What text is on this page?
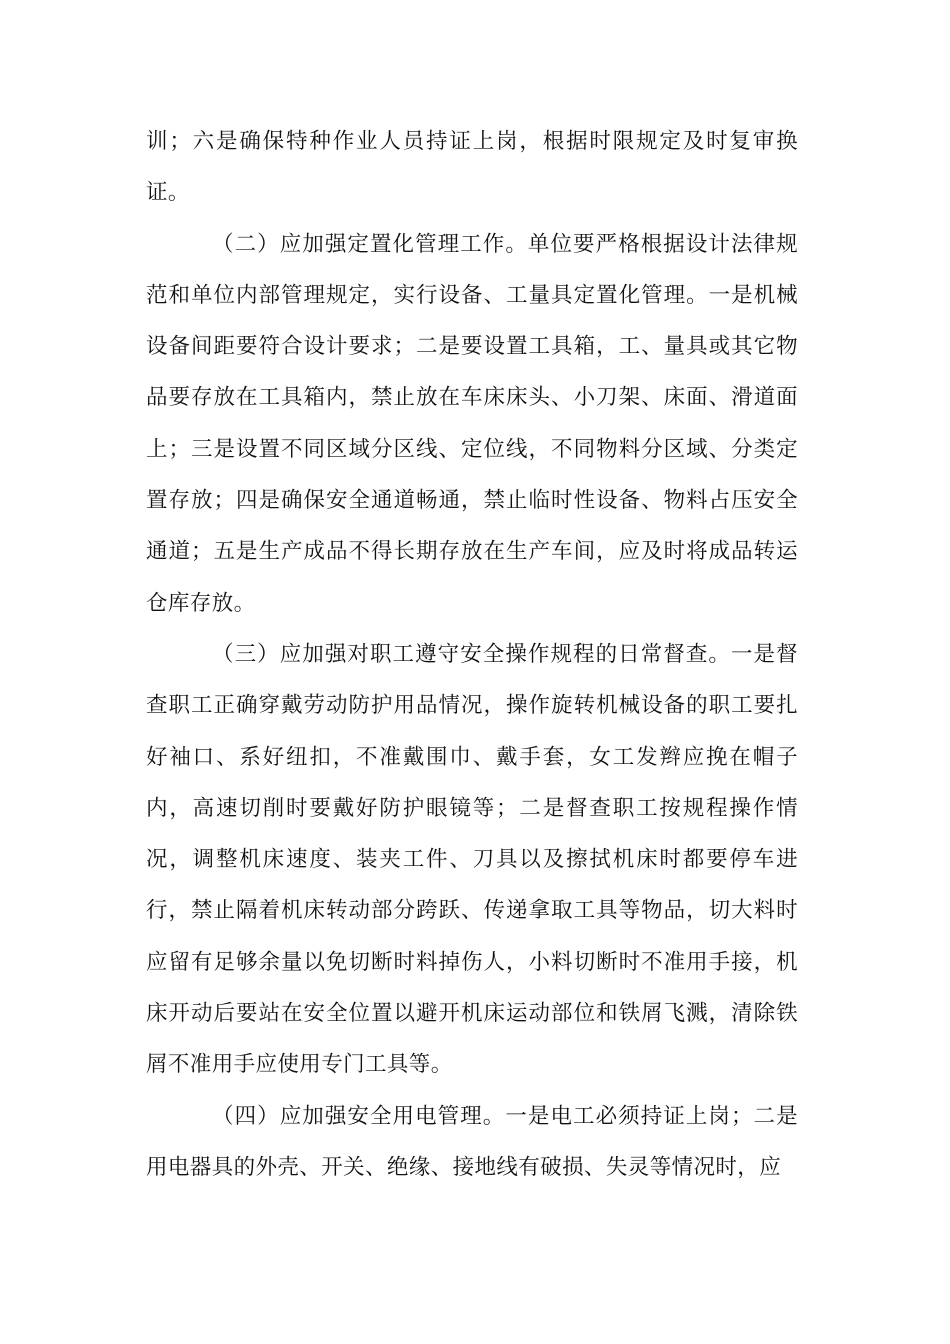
训；六是确保特种作业人员持证上岗，根据时限规定及时复审换证。

（二）应加强定置化管理工作。单位要严格根据设计法律规范和单位内部管理规定，实行设备、工量具定置化管理。一是机械设备间距要符合设计要求；二是要设置工具箱，工、量具或其它物品要存放在工具箱内，禁止放在车床床头、小刀架、床面、滑道面上；三是设置不同区域分区线、定位线，不同物料分区域、分类定置存放；四是确保安全通道畅通，禁止临时性设备、物料占压安全通道；五是生产成品不得长期存放在生产车间，应及时将成品转运仓库存放。

（三）应加强对职工遵守安全操作规程的日常督查。一是督查职工正确穿戴劳动防护用品情况，操作旋转机械设备的职工要扎好袖口、系好纽扣，不准戴围巾、戴手套，女工发辫应挽在帽子内，高速切削时要戴好防护眼镜等；二是督查职工按规程操作情况，调整机床速度、装夹工件、刀具以及擦拭机床时都要停车进行，禁止隔着机床转动部分跨跃、传递拿取工具等物品，切大料时应留有足够余量以免切断时料掉伤人，小料切断时不准用手接，机床开动后要站在安全位置以避开机床运动部位和铁屑飞溅，清除铁屑不准用手应使用专门工具等。

（四）应加强安全用电管理。一是电工必须持证上岗；二是用电器具的外壳、开关、绝缘、接地线有破损、失灵等情况时，应
